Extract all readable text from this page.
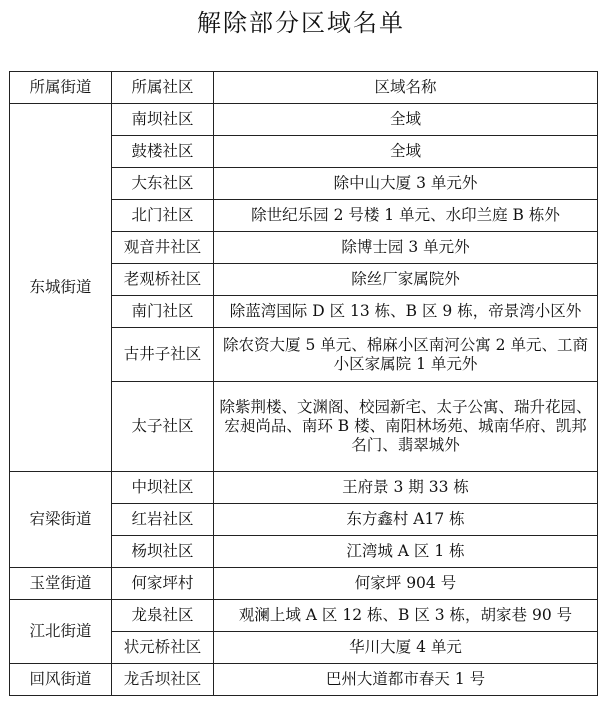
解除部分区域名单
所属街道	所属社区	区域名称
东城街道	南坝社区	全域
	鼓楼社区	全域
	大东社区	除中山大厦 3 单元外
	北门社区	除世纪乐园 2 号楼 1 单元、水印兰庭 B 栋外
	观音井社区	除博士园 3 单元外
	老观桥社区	除丝厂家属院外
	南门社区	除蓝湾国际 D 区 13 栋、B 区 9 栋，帝景湾小区外
	古井子社区	除农资大厦 5 单元、棉麻小区南河公寓 2 单元、工商小区家属院 1 单元外
	太子社区	除紫荆楼、文渊阁、校园新宅、太子公寓、瑞升花园、宏昶尚品、南环 B 楼、南阳林场苑、城南华府、凯邦名门、翡翠城外
宕梁街道	中坝社区	王府景 3 期 33 栋
	红岩社区	东方鑫村 A17 栋
	杨坝社区	江湾城 A 区 1 栋
玉堂街道	何家坪村	何家坪 904 号
江北街道	龙泉社区	观澜上域 A 区 12 栋、B 区 3 栋，胡家巷 90 号
	状元桥社区	华川大厦 4 单元
回风街道	龙舌坝社区	巴州大道都市春天 1 号
